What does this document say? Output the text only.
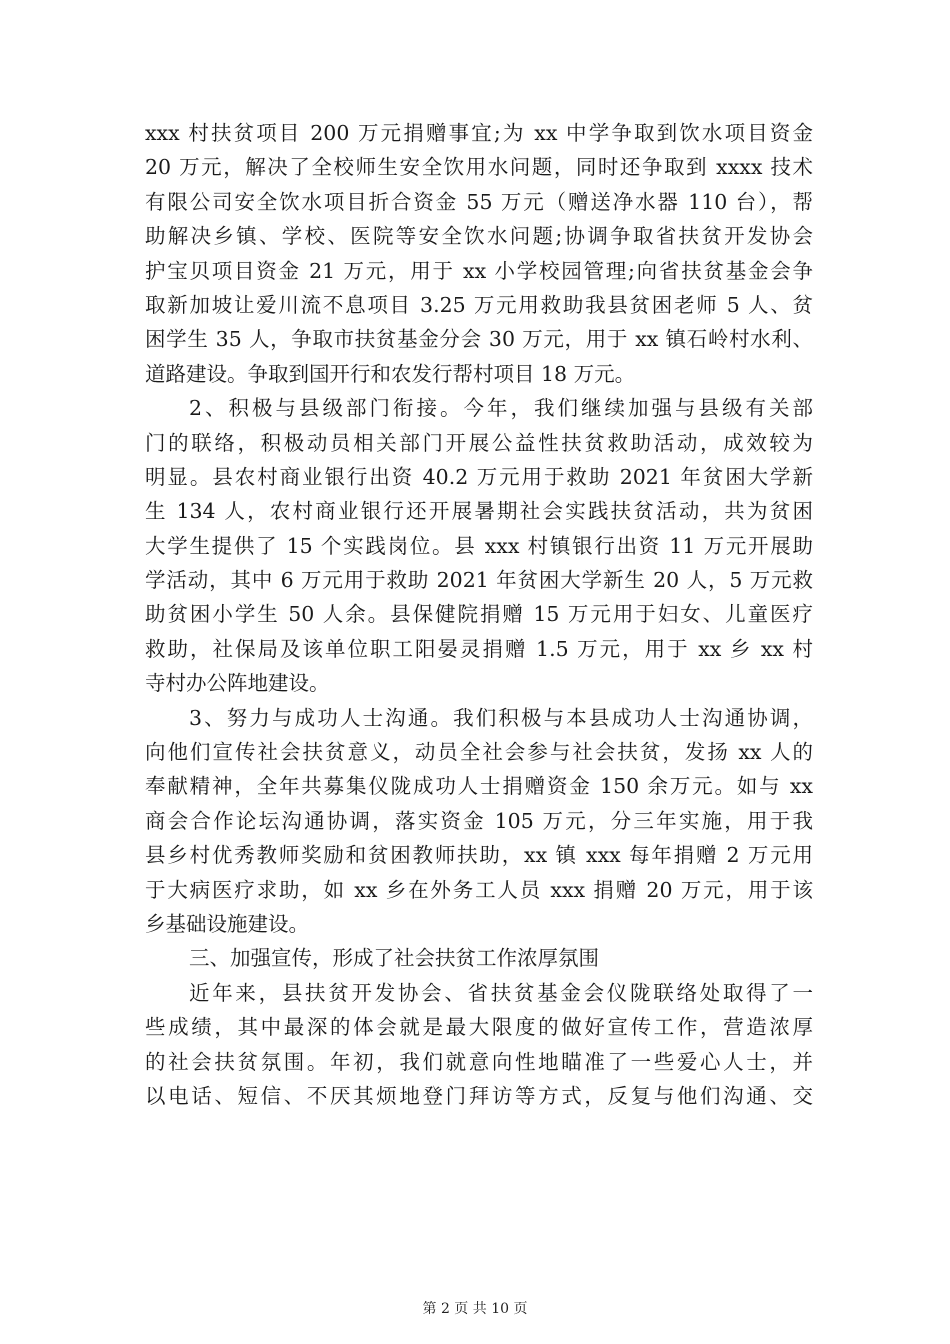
xxx 村扶贫项目 200 万元捐赠事宜;为 xx 中学争取到饮水项目资金
20 万元，解决了全校师生安全饮用水问题，同时还争取到 xxxx 技术
有限公司安全饮水项目折合资金 55 万元（赠送净水器 110 台），帮
助解决乡镇、学校、医院等安全饮水问题;协调争取省扶贫开发协会
护宝贝项目资金 21 万元，用于 xx 小学校园管理;向省扶贫基金会争
取新加坡让爱川流不息项目 3.25 万元用救助我县贫困老师 5 人、贫
困学生 35 人，争取市扶贫基金分会 30 万元，用于 xx 镇石岭村水利、
道路建设。争取到国开行和农发行帮村项目 18 万元。
2、积极与县级部门衔接。今年，我们继续加强与县级有关部
门的联络，积极动员相关部门开展公益性扶贫救助活动，成效较为
明显。县农村商业银行出资 40.2 万元用于救助 2021 年贫困大学新
生 134 人，农村商业银行还开展暑期社会实践扶贫活动，共为贫困
大学生提供了 15 个实践岗位。县 xxx 村镇银行出资 11 万元开展助
学活动，其中 6 万元用于救助 2021 年贫困大学新生 20 人，5 万元救
助贫困小学生 50 人余。县保健院捐赠 15 万元用于妇女、儿童医疗
救助，社保局及该单位职工阳晏灵捐赠 1.5 万元，用于 xx 乡 xx 村
寺村办公阵地建设。
3、努力与成功人士沟通。我们积极与本县成功人士沟通协调，
向他们宣传社会扶贫意义，动员全社会参与社会扶贫，发扬 xx 人的
奉献精神，全年共募集仪陇成功人士捐赠资金 150 余万元。如与 xx
商会合作论坛沟通协调，落实资金 105 万元，分三年实施，用于我
县乡村优秀教师奖励和贫困教师扶助，xx 镇 xxx 每年捐赠 2 万元用
于大病医疗求助，如 xx 乡在外务工人员 xxx 捐赠 20 万元，用于该
乡基础设施建设。
三、加强宣传，形成了社会扶贫工作浓厚氛围
近年来，县扶贫开发协会、省扶贫基金会仪陇联络处取得了一
些成绩，其中最深的体会就是最大限度的做好宣传工作，营造浓厚
的社会扶贫氛围。年初，我们就意向性地瞄准了一些爱心人士，并
以电话、短信、不厌其烦地登门拜访等方式，反复与他们沟通、交
第 2 页 共 10 页
